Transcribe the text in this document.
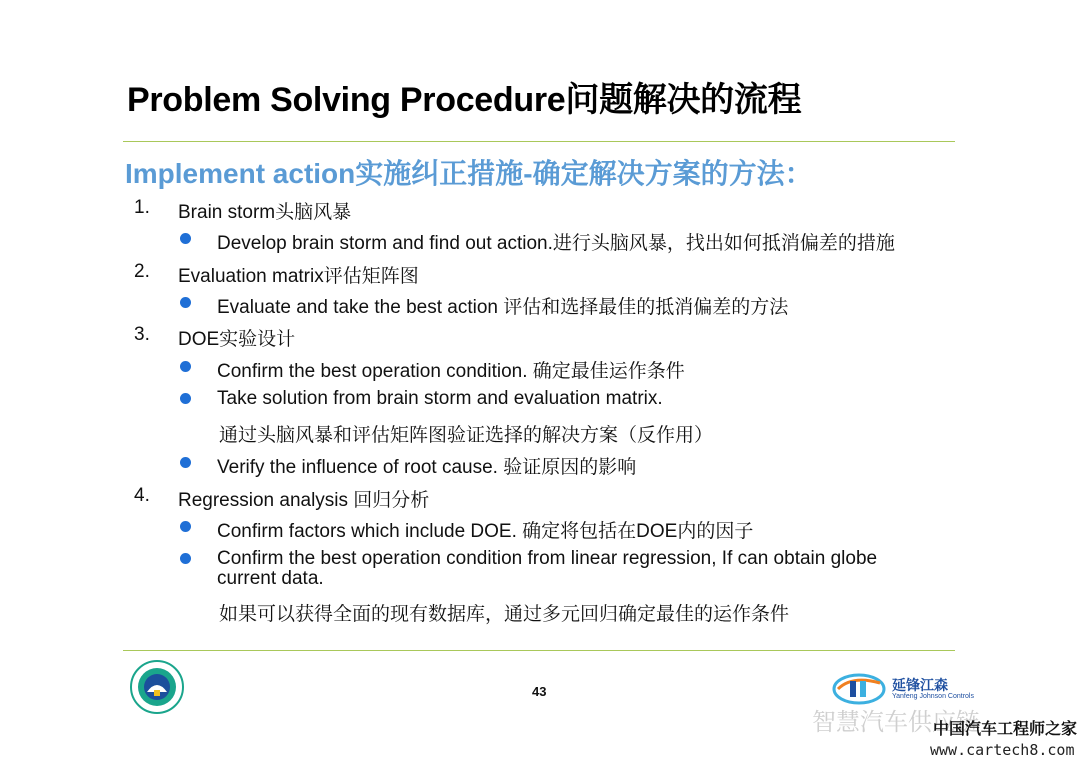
Problem Solving Procedure问题解决的流程
Implement action实施纠正措施-确定解决方案的方法：
1. Brain storm头脑风暴
Develop brain storm and find out action.进行头脑风暴，找出如何抵消偏差的措施
2. Evaluation matrix评估矩阵图
Evaluate and take the best action 评估和选择最佳的抵消偏差的方法
3. DOE实验设计
Confirm the best operation condition. 确定最佳运作条件
Take solution from brain storm and evaluation matrix.
通过头脑风暴和评估矩阵图验证选择的解决方案（反作用）
Verify the influence of root cause. 验证原因的影响
4. Regression analysis 回归分析
Confirm factors which include DOE. 确定将包括在DOE内的因子
Confirm the best operation condition from linear regression, If can obtain globe
current data.
如果可以获得全面的现有数据库，通过多元回归确定最佳的运作条件
43	延锋江森
Yanfeng Johnson Controls
智慧汽车供应链
中国汽车工程师之家
www.cartech8.com
